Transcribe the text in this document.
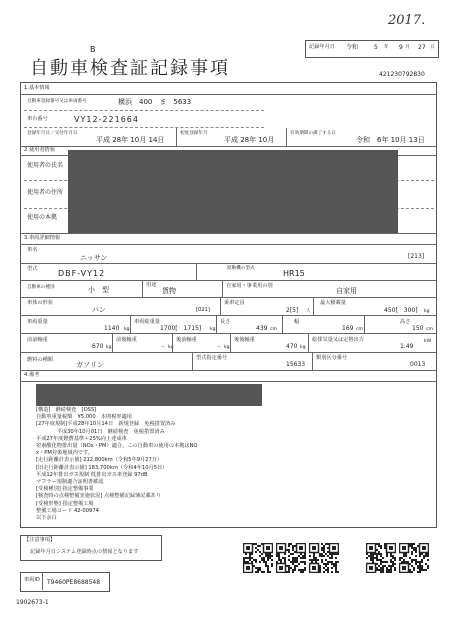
2017.
記録年月日 令和	5 年 9 月 27 日
B
自動車検査証記録事項	421230792830
1.基本情報
自動車登録番号又は車両番号	横浜　400　ま　5633
車台番号	VY12-221664
登録年月日／交付年月日
平成 28年 10月 14日
初度登録年月
平成 28年 10月
有効期間の満了する日
令和　6年 10月 13日
2.使用者情報
使用者の氏名
使用者の住所
使用の本拠
3.車両詳細情報
車名
ニッサン	[213]
型式	DBF-VY12
原動機の型式
HR15
自動車の種別	小　型
用途
貨物
自家用・事業用の別
自家用
車体の形状
バン	[021]
乗車定員
2[5] 人
最大積載量
450[　300] kg
車両重量
1140 kg
車両総重量
1700[　1715] kg
長さ
439 cm
幅
169 cm
高さ
150 cm
前前軸重
670 kg
前後軸重
- kg
後前軸重
- kg
後後軸重
470 kg
総排気量又は定格出力
1.49
kW
燃料の種類
ガソリン
型式指定番号
15633
類別区分番号
0013
4.備考
[構造]　継続検査　[OSS]
自動車重量税額　¥5,000　本則税率適用
[27年度規制]平成28年10月14日　新規登録　免税措置済み
　　　　平成30年10月01日　継続検査　免税措置済み
平成27年度燃費基準＋25%向上達成車
窒素酸化物排出量（NOx・PM）適合。この自動車の使用の本拠はNO
x・PM対策地域内です。
[走行距離計表示値] 212,800km（令和5年9月27日）
[旧走行距離計表示値] 183,700km（令和4年10月5日）
平成12年排出ガス規制 低排出ガス車登録 97dB
マフラー規制適合証明書確認
[受検種別] 指定整備事業
[検査時の点検整備実施状況] 点検整備記録簿記載あり
[受検形態] 指定整備工場
整備工場コード 42-00974
以下余白
【注意事項】
記録年月日システム登録時点の情報となります
車両ID T9460PE8688548
1902673-1
